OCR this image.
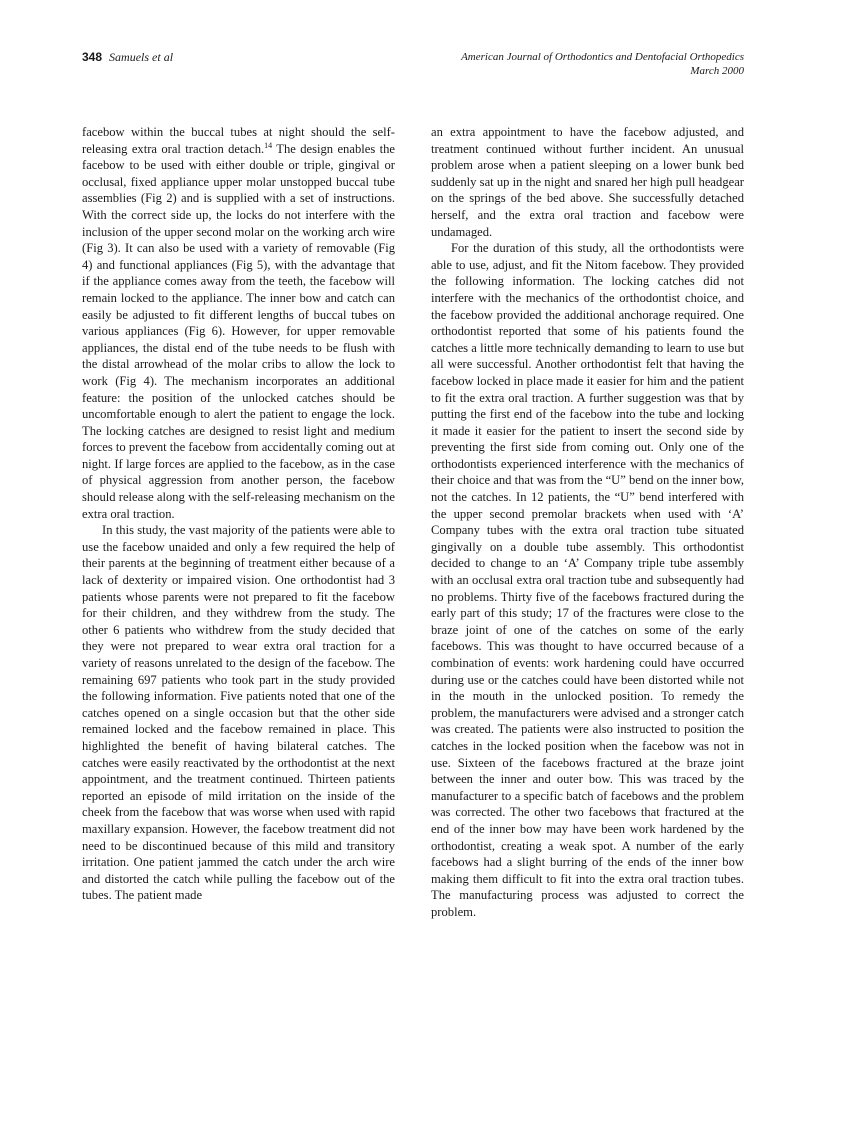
348 Samuels et al	American Journal of Orthodontics and Dentofacial Orthopedics
March 2000

facebow within the buccal tubes at night should the self-releasing extra oral traction detach.$^{14}$ The design enables the facebow to be used with either double or triple, gingival or occlusal, fixed appliance upper molar unstopped buccal tube assemblies (Fig 2) and is supplied with a set of instructions. With the correct side up, the locks do not interfere with the inclusion of the upper second molar on the working arch wire (Fig 3). It can also be used with a variety of removable (Fig 4) and functional appliances (Fig 5), with the advantage that if the appliance comes away from the teeth, the facebow will remain locked to the appliance. The inner bow and catch can easily be adjusted to fit different lengths of buccal tubes on various appliances (Fig 6). However, for upper removable appliances, the distal end of the tube needs to be flush with the distal arrowhead of the molar cribs to allow the lock to work (Fig 4). The mechanism incorporates an additional feature: the position of the unlocked catches should be uncomfortable enough to alert the patient to engage the lock. The locking catches are designed to resist light and medium forces to prevent the facebow from accidentally coming out at night. If large forces are applied to the facebow, as in the case of physical aggression from another person, the facebow should release along with the self-releasing mechanism on the extra oral traction.

In this study, the vast majority of the patients were able to use the facebow unaided and only a few required the help of their parents at the beginning of treatment either because of a lack of dexterity or impaired vision. One orthodontist had 3 patients whose parents were not prepared to fit the facebow for their children, and they withdrew from the study. The other 6 patients who withdrew from the study decided that they were not prepared to wear extra oral traction for a variety of reasons unrelated to the design of the facebow. The remaining 697 patients who took part in the study provided the following information. Five patients noted that one of the catches opened on a single occasion but that the other side remained locked and the facebow remained in place. This highlighted the benefit of having bilateral catches. The catches were easily reactivated by the orthodontist at the next appointment, and the treatment continued. Thirteen patients reported an episode of mild irritation on the inside of the cheek from the facebow that was worse when used with rapid maxillary expansion. However, the facebow treatment did not need to be discontinued because of this mild and transitory irritation. One patient jammed the catch under the arch wire and distorted the catch while pulling the facebow out of the tubes. The patient made

an extra appointment to have the facebow adjusted, and treatment continued without further incident. An unusual problem arose when a patient sleeping on a lower bunk bed suddenly sat up in the night and snared her high pull headgear on the springs of the bed above. She successfully detached herself, and the extra oral traction and facebow were undamaged.

For the duration of this study, all the orthodontists were able to use, adjust, and fit the Nitom facebow. They provided the following information. The locking catches did not interfere with the mechanics of the orthodontist choice, and the facebow provided the additional anchorage required. One orthodontist reported that some of his patients found the catches a little more technically demanding to learn to use but all were successful. Another orthodontist felt that having the facebow locked in place made it easier for him and the patient to fit the extra oral traction. A further suggestion was that by putting the first end of the facebow into the tube and locking it made it easier for the patient to insert the second side by preventing the first side from coming out. Only one of the orthodontists experienced interference with the mechanics of their choice and that was from the “U” bend on the inner bow, not the catches. In 12 patients, the “U” bend interfered with the upper second premolar brackets when used with ‘A’ Company tubes with the extra oral traction tube situated gingivally on a double tube assembly. This orthodontist decided to change to an ‘A’ Company triple tube assembly with an occlusal extra oral traction tube and subsequently had no problems. Thirty five of the facebows fractured during the early part of this study; 17 of the fractures were close to the braze joint of one of the catches on some of the early facebows. This was thought to have occurred because of a combination of events: work hardening could have occurred during use or the catches could have been distorted while not in the mouth in the unlocked position. To remedy the problem, the manufacturers were advised and a stronger catch was created. The patients were also instructed to position the catches in the locked position when the facebow was not in use. Sixteen of the facebows fractured at the braze joint between the inner and outer bow. This was traced by the manufacturer to a specific batch of facebows and the problem was corrected. The other two facebows that fractured at the end of the inner bow may have been work hardened by the orthodontist, creating a weak spot. A number of the early facebows had a slight burring of the ends of the inner bow making them difficult to fit into the extra oral traction tubes. The manufacturing process was adjusted to correct the problem.
